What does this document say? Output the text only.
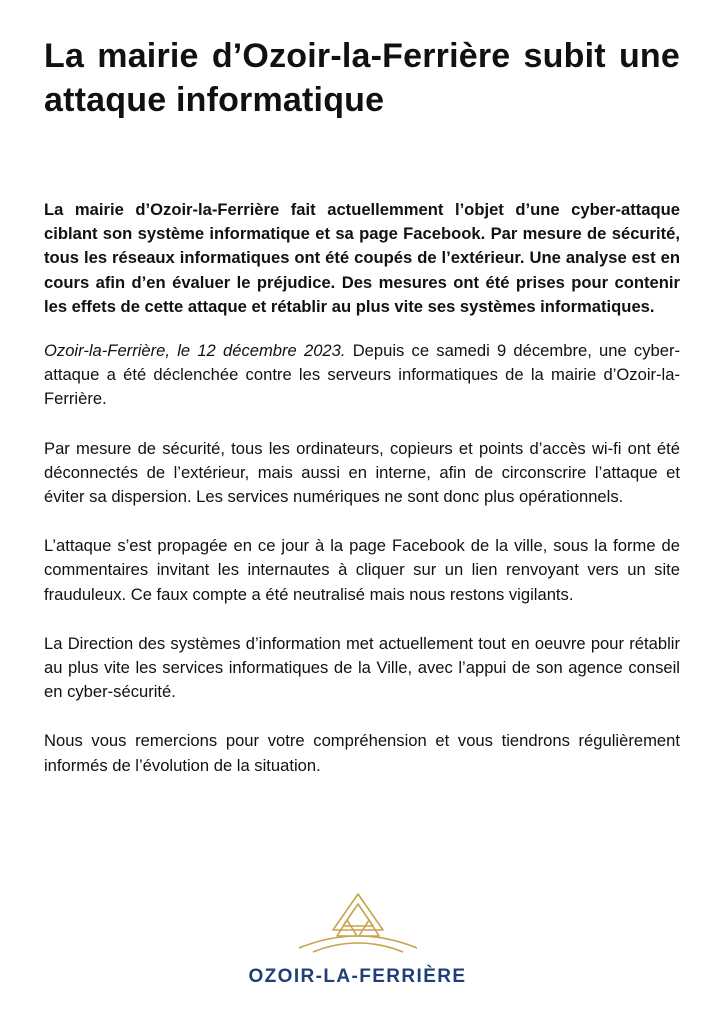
La mairie d’Ozoir-la-Ferrière subit une attaque informatique

La mairie d’Ozoir-la-Ferrière fait actuellemment l’objet d’une cyber-attaque ciblant son système informatique et sa page Facebook. Par mesure de sécurité, tous les réseaux informatiques ont été coupés de l’extérieur. Une analyse est en cours afin d’en évaluer le préjudice. Des mesures ont été prises pour contenir les effets de cette attaque et rétablir au plus vite ses systèmes informatiques.

Ozoir-la-Ferrière, le 12 décembre 2023. Depuis ce samedi 9 décembre, une cyber-attaque a été déclenchée contre les serveurs informatiques de la mairie d’Ozoir-la-Ferrière.

Par mesure de sécurité, tous les ordinateurs, copieurs et points d’accès wi-fi ont été déconnectés de l’extérieur, mais aussi en interne, afin de circonscrire l’attaque et éviter sa dispersion. Les services numériques ne sont donc plus opérationnels.

L’attaque s’est propagée en ce jour à la page Facebook de la ville, sous la forme de commentaires invitant les internautes à cliquer sur un lien renvoyant vers un site frauduleux. Ce faux compte a été neutralisé mais nous restons vigilants.

La Direction des systèmes d’information met actuellement tout en oeuvre pour rétablir au plus vite les services informatiques de la Ville, avec l’appui de son agence conseil en cyber-sécurité.

Nous vous remercions pour votre compréhension et vous tiendrons régulièrement informés de l’évolution de la situation.

OZOIR-LA-FERRIÈRE
